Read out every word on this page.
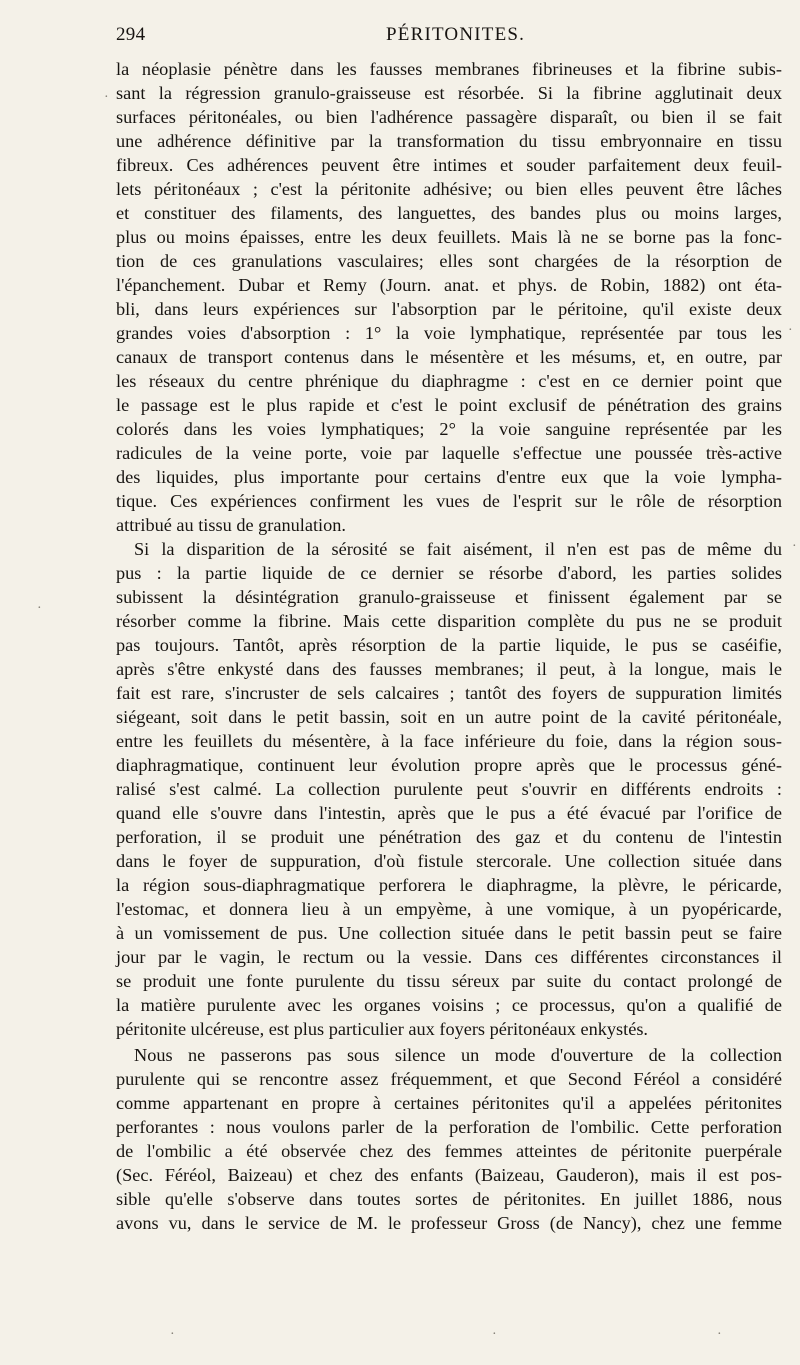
294	PÉRITONITES.
la néoplasie pénètre dans les fausses membranes fibrineuses et la fibrine subis-
sant la régression granulo-graisseuse est résorbée. Si la fibrine agglutinait deux
surfaces péritonéales, ou bien l'adhérence passagère disparaît, ou bien il se fait
une adhérence définitive par la transformation du tissu embryonnaire en tissu
fibreux. Ces adhérences peuvent être intimes et souder parfaitement deux feuil-
lets péritonéaux ; c'est la péritonite adhésive; ou bien elles peuvent être lâches
et constituer des filaments, des languettes, des bandes plus ou moins larges,
plus ou moins épaisses, entre les deux feuillets. Mais là ne se borne pas la fonc-
tion de ces granulations vasculaires; elles sont chargées de la résorption de
l'épanchement. Dubar et Remy (Journ. anat. et phys. de Robin, 1882) ont éta-
bli, dans leurs expériences sur l'absorption par le péritoine, qu'il existe deux
grandes voies d'absorption : 1° la voie lymphatique, représentée par tous les
canaux de transport contenus dans le mésentère et les mésums, et, en outre, par
les réseaux du centre phrénique du diaphragme : c'est en ce dernier point que
le passage est le plus rapide et c'est le point exclusif de pénétration des grains
colorés dans les voies lymphatiques; 2° la voie sanguine représentée par les
radicules de la veine porte, voie par laquelle s'effectue une poussée très-active
des liquides, plus importante pour certains d'entre eux que la voie lympha-
tique. Ces expériences confirment les vues de l'esprit sur le rôle de résorption
attribué au tissu de granulation.
Si la disparition de la sérosité se fait aisément, il n'en est pas de même du
pus : la partie liquide de ce dernier se résorbe d'abord, les parties solides
subissent la désintégration granulo-graisseuse et finissent également par se
résorber comme la fibrine. Mais cette disparition complète du pus ne se produit
pas toujours. Tantôt, après résorption de la partie liquide, le pus se caséifie,
après s'être enkysté dans des fausses membranes; il peut, à la longue, mais le
fait est rare, s'incruster de sels calcaires ; tantôt des foyers de suppuration limités
siégeant, soit dans le petit bassin, soit en un autre point de la cavité péritonéale,
entre les feuillets du mésentère, à la face inférieure du foie, dans la région sous-
diaphragmatique, continuent leur évolution propre après que le processus géné-
ralisé s'est calmé. La collection purulente peut s'ouvrir en différents endroits :
quand elle s'ouvre dans l'intestin, après que le pus a été évacué par l'orifice de
perforation, il se produit une pénétration des gaz et du contenu de l'intestin
dans le foyer de suppuration, d'où fistule stercorale. Une collection située dans
la région sous-diaphragmatique perforera le diaphragme, la plèvre, le péricarde,
l'estomac, et donnera lieu à un empyème, à une vomique, à un pyopéricarde,
à un vomissement de pus. Une collection située dans le petit bassin peut se faire
jour par le vagin, le rectum ou la vessie. Dans ces différentes circonstances il
se produit une fonte purulente du tissu séreux par suite du contact prolongé de
la matière purulente avec les organes voisins ; ce processus, qu'on a qualifié de
péritonite ulcéreuse, est plus particulier aux foyers péritonéaux enkystés.
Nous ne passerons pas sous silence un mode d'ouverture de la collection
purulente qui se rencontre assez fréquemment, et que Second Féréol a considéré
comme appartenant en propre à certaines péritonites qu'il a appelées péritonites
perforantes : nous voulons parler de la perforation de l'ombilic. Cette perforation
de l'ombilic a été observée chez des femmes atteintes de péritonite puerpérale
(Sec. Féréol, Baizeau) et chez des enfants (Baizeau, Gauderon), mais il est pos-
sible qu'elle s'observe dans toutes sortes de péritonites. En juillet 1886, nous
avons vu, dans le service de M. le professeur Gross (de Nancy), chez une femme
·
·
·
·
·	·	·
